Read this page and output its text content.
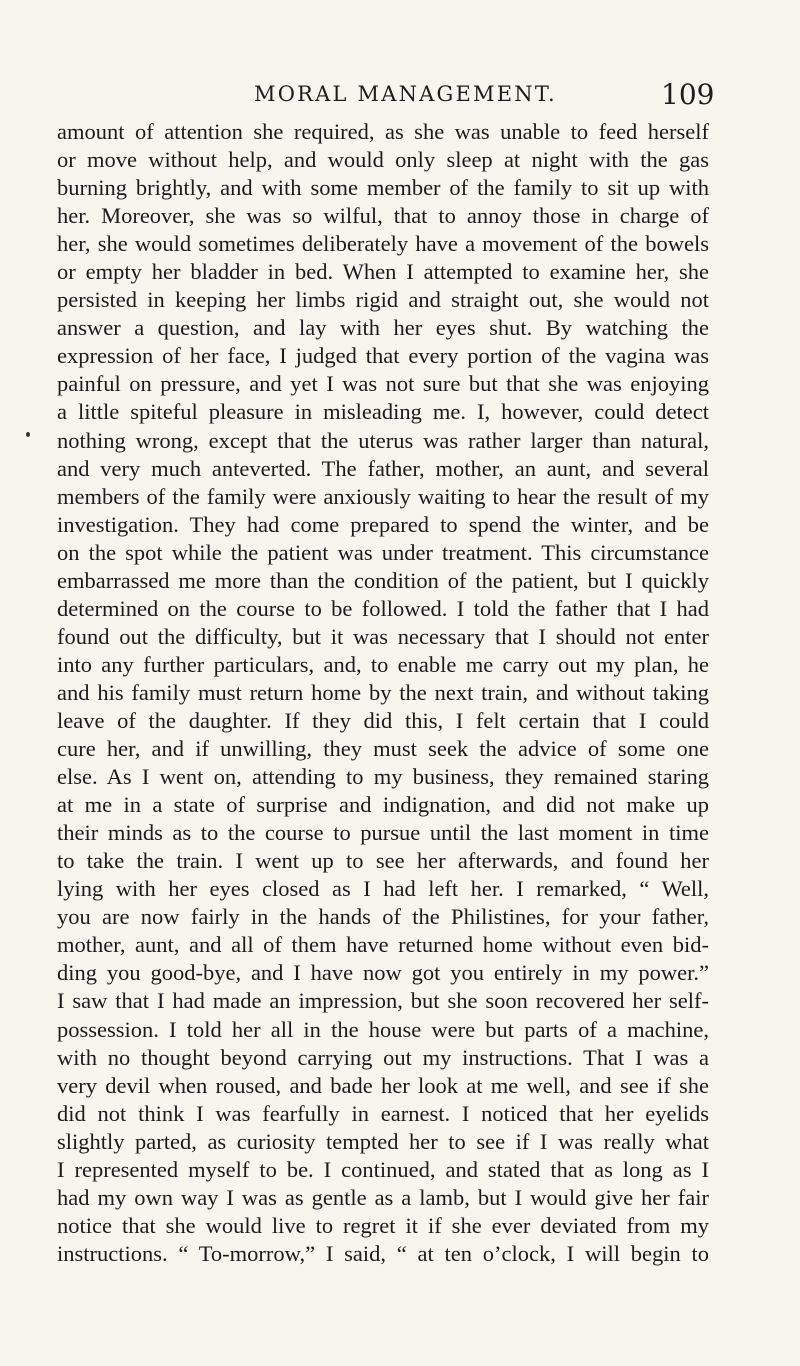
MORAL MANAGEMENT.	109
amount of attention she required, as she was unable to feed herself
or move without help, and would only sleep at night with the gas
burning brightly, and with some member of the family to sit up with
her. Moreover, she was so wilful, that to annoy those in charge of
her, she would sometimes deliberately have a movement of the bowels
or empty her bladder in bed. When I attempted to examine her, she
persisted in keeping her limbs rigid and straight out, she would not
answer a question, and lay with her eyes shut. By watching the
expression of her face, I judged that every portion of the vagina was
painful on pressure, and yet I was not sure but that she was enjoying
a little spiteful pleasure in misleading me. I, however, could detect
nothing wrong, except that the uterus was rather larger than natural,
and very much anteverted. The father, mother, an aunt, and several
members of the family were anxiously waiting to hear the result of my
investigation. They had come prepared to spend the winter, and be
on the spot while the patient was under treatment. This circumstance
embarrassed me more than the condition of the patient, but I quickly
determined on the course to be followed. I told the father that I had
found out the difficulty, but it was necessary that I should not enter
into any further particulars, and, to enable me carry out my plan, he
and his family must return home by the next train, and without taking
leave of the daughter. If they did this, I felt certain that I could
cure her, and if unwilling, they must seek the advice of some one
else. As I went on, attending to my business, they remained staring
at me in a state of surprise and indignation, and did not make up
their minds as to the course to pursue until the last moment in time
to take the train. I went up to see her afterwards, and found her
lying with her eyes closed as I had left her. I remarked, “ Well,
you are now fairly in the hands of the Philistines, for your father,
mother, aunt, and all of them have returned home without even bid-
ding you good-bye, and I have now got you entirely in my power.”
I saw that I had made an impression, but she soon recovered her self-
possession. I told her all in the house were but parts of a machine,
with no thought beyond carrying out my instructions. That I was a
very devil when roused, and bade her look at me well, and see if she
did not think I was fearfully in earnest. I noticed that her eyelids
slightly parted, as curiosity tempted her to see if I was really what
I represented myself to be. I continued, and stated that as long as I
had my own way I was as gentle as a lamb, but I would give her fair
notice that she would live to regret it if she ever deviated from my
instructions. “ To-morrow,” I said, “ at ten o’clock, I will begin to
